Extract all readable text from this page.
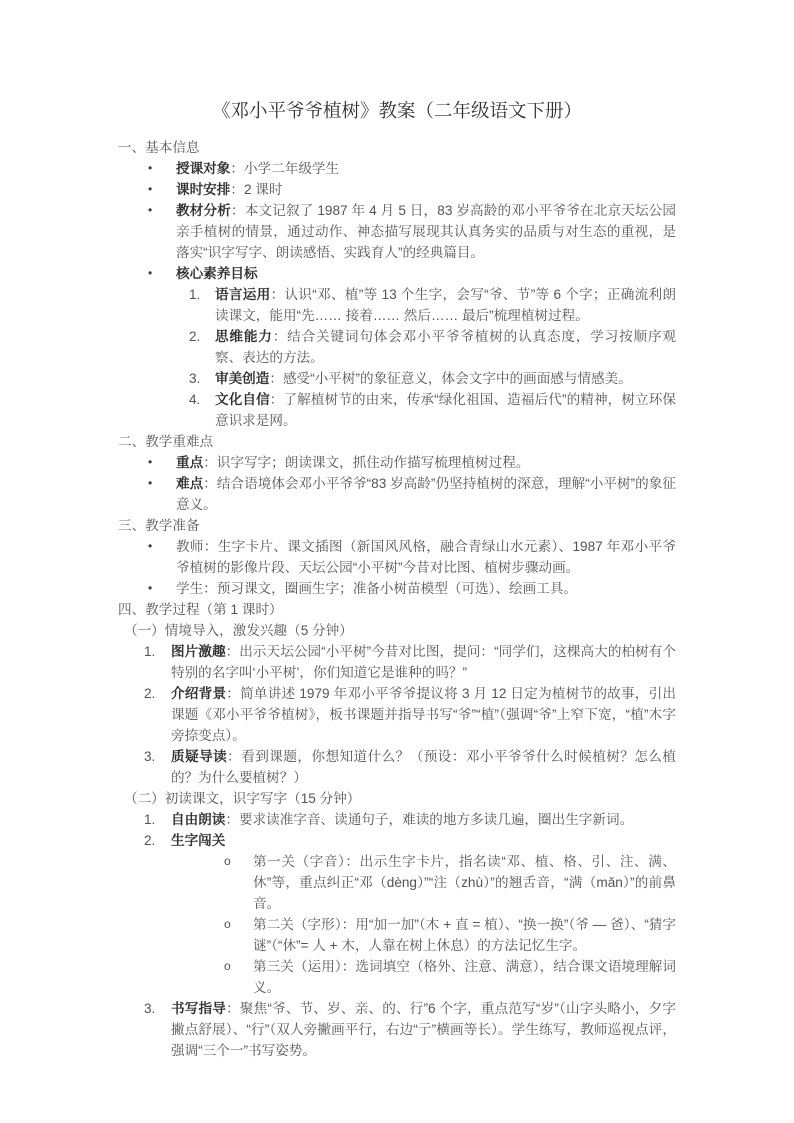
《邓小平爷爷植树》教案（二年级语文下册）
一、基本信息
• 授课对象：小学二年级学生
• 课时安排：2 课时
• 教材分析：本文记叙了 1987 年 4 月 5 日，83 岁高龄的邓小平爷爷在北京天坛公园亲手植树的情景，通过动作、神态描写展现其认真务实的品质与对生态的重视，是落实“识字写字、朗读感悟、实践育人”的经典篇目。
• 核心素养目标
1. 语言运用：认识“邓、植”等 13 个生字，会写“爷、节”等 6 个字；正确流利朗读课文，能用“先…… 接着…… 然后…… 最后”梳理植树过程。
2. 思维能力：结合关键词句体会邓小平爷爷植树的认真态度，学习按顺序观察、表达的方法。
3. 审美创造：感受“小平树”的象征意义，体会文字中的画面感与情感美。
4. 文化自信：了解植树节的由来，传承“绿化祖国、造福后代”的精神，树立环保意识求是网。
二、教学重难点
• 重点：识字写字；朗读课文，抓住动作描写梳理植树过程。
• 难点：结合语境体会邓小平爷爷“83 岁高龄”仍坚持植树的深意，理解“小平树”的象征意义。
三、教学准备
• 教师：生字卡片、课文插图（新国风风格，融合青绿山水元素）、1987 年邓小平爷爷植树的影像片段、天坛公园“小平树”今昔对比图、植树步骤动画。
• 学生：预习课文，圈画生字；准备小树苗模型（可选）、绘画工具。
四、教学过程（第 1 课时）
（一）情境导入，激发兴趣（5 分钟）
1. 图片激趣：出示天坛公园“小平树”今昔对比图，提问：“同学们，这棵高大的柏树有个特别的名字叫‘小平树’，你们知道它是谁种的吗？”
2. 介绍背景：简单讲述 1979 年邓小平爷爷提议将 3 月 12 日定为植树节的故事，引出课题《邓小平爷爷植树》，板书课题并指导书写“爷”“植”（强调“爷”上窄下宽，“植”木字旁捺变点）。
3. 质疑导读：看到课题，你想知道什么？（预设：邓小平爷爷什么时候植树？怎么植的？为什么要植树？）
（二）初读课文，识字写字（15 分钟）
1. 自由朗读：要求读准字音、读通句子，难读的地方多读几遍，圈出生字新词。
2. 生字闯关
o 第一关（字音）：出示生字卡片，指名读“邓、植、格、引、注、满、休”等，重点纠正“邓（dèng）”“注（zhù）”的翘舌音，“满（mǎn）”的前鼻音。
o 第二关（字形）：用“加一加”（木 + 直 = 植）、“换一换”（爷 — 爸）、“猜字谜”（“休”= 人 + 木，人靠在树上休息）的方法记忆生字。
o 第三关（运用）：选词填空（格外、注意、满意），结合课文语境理解词义。
3. 书写指导：聚焦“爷、节、岁、亲、的、行”6 个字，重点范写“岁”（山字头略小，夕字撇点舒展）、“行”（双人旁撇画平行，右边“亍”横画等长）。学生练写，教师巡视点评，强调“三个一”书写姿势。
